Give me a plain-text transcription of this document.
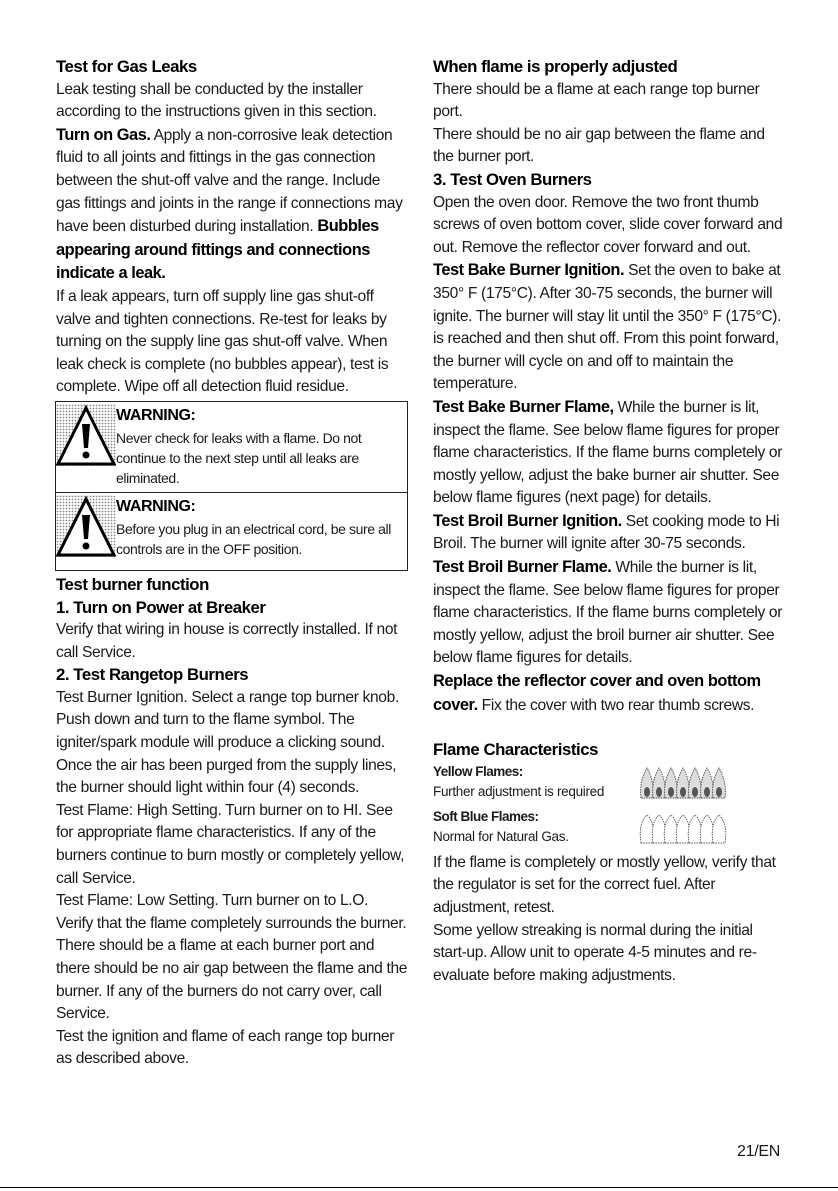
Test for Gas Leaks

Leak testing shall be conducted by the installer according to the instructions given in this section.

Turn on Gas. Apply a non-corrosive leak detection fluid to all joints and fittings in the gas connection between the shut-off valve and the range. Include gas fittings and joints in the range if connections may have been disturbed during installation. Bubbles appearing around fittings and connections indicate a leak.

If a leak appears, turn off supply line gas shut-off valve and tighten connections. Re-test for leaks by turning on the supply line gas shut-off valve. When leak check is complete (no bubbles appear), test is complete. Wipe off all detection fluid residue.

WARNING:
Never check for leaks with a flame. Do not continue to the next step until all leaks are eliminated.
WARNING:
Before you plug in an electrical cord, be sure all controls are in the OFF position.
Test burner function
1. Turn on Power at Breaker

Verify that wiring in house is correctly installed. If not call Service.

2. Test Rangetop Burners

Test Burner Ignition. Select a range top burner knob. Push down and turn to the flame symbol. The igniter/spark module will produce a clicking sound. Once the air has been purged from the supply lines, the burner should light within four (4) seconds.

Test Flame: High Setting. Turn burner on to HI. See for appropriate flame characteristics. If any of the burners continue to burn mostly or completely yellow, call Service.

Test Flame: Low Setting. Turn burner on to L.O. Verify that the flame completely surrounds the burner. There should be a flame at each burner port and there should be no air gap between the flame and the burner. If any of the burners do not carry over, call Service.

Test the ignition and flame of each range top burner as described above.

When flame is properly adjusted

There should be a flame at each range top burner port.

There should be no air gap between the flame and the burner port.

3. Test Oven Burners

Open the oven door. Remove the two front thumb screws of oven bottom cover, slide cover forward and out. Remove the reflector cover forward and out.

Test Bake Burner Ignition. Set the oven to bake at 350° F (175°C). After 30-75 seconds, the burner will ignite. The burner will stay lit until the 350° F (175°C). is reached and then shut off. From this point forward, the burner will cycle on and off to maintain the temperature.

Test Bake Burner Flame, While the burner is lit, inspect the flame. See below flame figures for proper flame characteristics. If the flame burns completely or mostly yellow, adjust the bake burner air shutter. See below flame figures (next page) for details.

Test Broil Burner Ignition. Set cooking mode to Hi Broil. The burner will ignite after 30-75 seconds.

Test Broil Burner Flame. While the burner is lit, inspect the flame. See below flame figures for proper flame characteristics. If the flame burns completely or mostly yellow, adjust the broil burner air shutter. See below flame figures for details.

Replace the reflector cover and oven bottom cover. Fix the cover with two rear thumb screws.

Flame Characteristics
Yellow Flames:
Further adjustment is required
Soft Blue Flames:
Normal for Natural Gas.

If the flame is completely or mostly yellow, verify that the regulator is set for the correct fuel. After adjustment, retest.

Some yellow streaking is normal during the initial start-up. Allow unit to operate 4-5 minutes and re-evaluate before making adjustments.

21/EN
